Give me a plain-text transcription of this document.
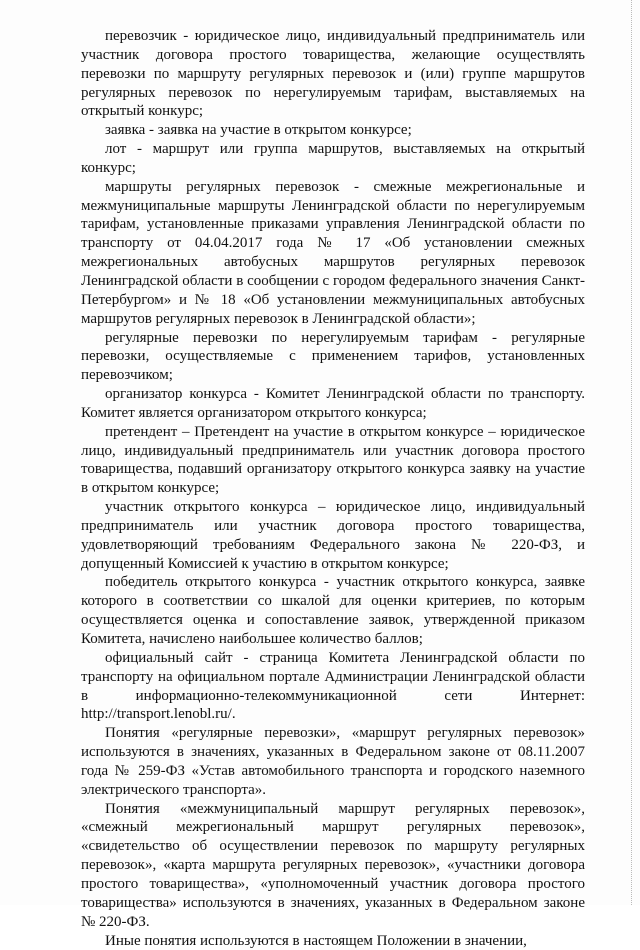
перевозчик - юридическое лицо, индивидуальный предприниматель или участник договора простого товарищества, желающие осуществлять перевозки по маршруту регулярных перевозок и (или) группе маршрутов регулярных перевозок по нерегулируемым тарифам, выставляемых на открытый конкурс;

заявка - заявка на участие в открытом конкурсе;

лот - маршрут или группа маршрутов, выставляемых на открытый конкурс;

маршруты регулярных перевозок - смежные межрегиональные и межмуниципальные маршруты Ленинградской области по нерегулируемым тарифам, установленные приказами управления Ленинградской области по транспорту от 04.04.2017 года № 17 «Об установлении смежных межрегиональных автобусных маршрутов регулярных перевозок Ленинградской области в сообщении с городом федерального значения Санкт-Петербургом» и № 18 «Об установлении межмуниципальных автобусных маршрутов регулярных перевозок в Ленинградской области»;

регулярные перевозки по нерегулируемым тарифам - регулярные перевозки, осуществляемые с применением тарифов, установленных перевозчиком;

организатор конкурса - Комитет Ленинградской области по транспорту. Комитет является организатором открытого конкурса;

претендент – Претендент на участие в открытом конкурсе – юридическое лицо, индивидуальный предприниматель или участник договора простого товарищества, подавший организатору открытого конкурса заявку на участие в открытом конкурсе;

участник открытого конкурса – юридическое лицо, индивидуальный предприниматель или участник договора простого товарищества, удовлетворяющий требованиям Федерального закона № 220-ФЗ, и допущенный Комиссией к участию в открытом конкурсе;

победитель открытого конкурса - участник открытого конкурса, заявке которого в соответствии со шкалой для оценки критериев, по которым осуществляется оценка и сопоставление заявок, утвержденной приказом Комитета, начислено наибольшее количество баллов;

официальный сайт - страница Комитета Ленинградской области по транспорту на официальном портале Администрации Ленинградской области в информационно-телекоммуникационной сети Интернет: http://transport.lenobl.ru/.

Понятия «регулярные перевозки», «маршрут регулярных перевозок» используются в значениях, указанных в Федеральном законе от 08.11.2007 года № 259-ФЗ «Устав автомобильного транспорта и городского наземного электрического транспорта».

Понятия «межмуниципальный маршрут регулярных перевозок», «смежный межрегиональный маршрут регулярных перевозок», «свидетельство об осуществлении перевозок по маршруту регулярных перевозок», «карта маршрута регулярных перевозок», «участники договора простого товарищества», «уполномоченный участник договора простого товарищества» используются в значениях, указанных в Федеральном законе № 220-ФЗ.

Иные понятия используются в настоящем Положении в значении,
